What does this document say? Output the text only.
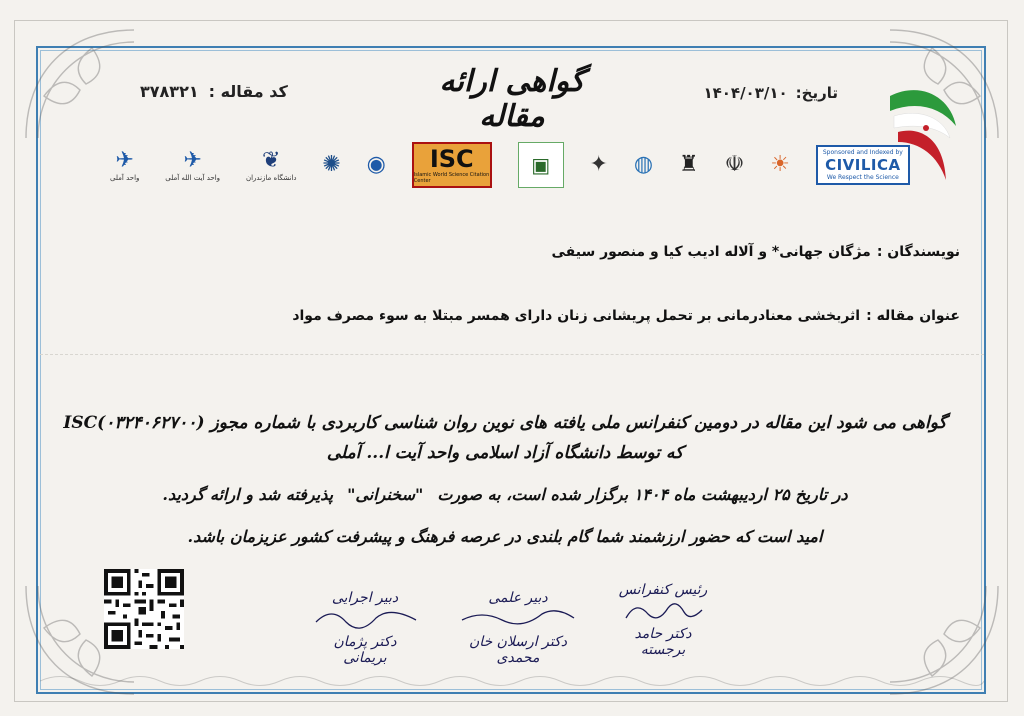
گواهی ارائه مقاله
کد مقاله :
۳۷۸۳۲۱	تاریخ:
۱۴۰۴/۰۳/۱۰
Sponsored and Indexed by
CIVILICA
We Respect the Science
☀
☫
♜
◍
✦
▣
ISC
Islamic World Science Citation Center
◉
✺
❦
دانشگاه مازندران
✈
واحد آیت الله آملی
✈
واحد آملی
نویسندگان :
مژگان جهانی* و آلاله ادیب کیا و منصور سیفی
عنوان مقاله :
اثربخشی معنادرمانی بر تحمل پریشانی زنان دارای همسر مبتلا به سوء مصرف مواد
گواهی می شود این مقاله در دومین کنفرانس ملی یافته های نوین روان شناسی کاربردی با شماره مجوز ISC(۰۳۲۴۰۶۲۷۰۰) که توسط دانشگاه آزاد اسلامی واحد آیت ا... آملی
در تاریخ ۲۵ اردیبهشت ماه ۱۴۰۴ برگزار شده است، به صورت
"سخنرانی"
پذیرفته شد و ارائه گردید.
امید است که حضور ارزشمند شما گام بلندی در عرصه فرهنگ و پیشرفت کشور عزیزمان باشد.
رئیس کنفرانس
دکتر حامد برجسته
دبیر علمی
دکتر ارسلان خان محمدی
دبیر اجرایی
دکتر پژمان بریمانی
